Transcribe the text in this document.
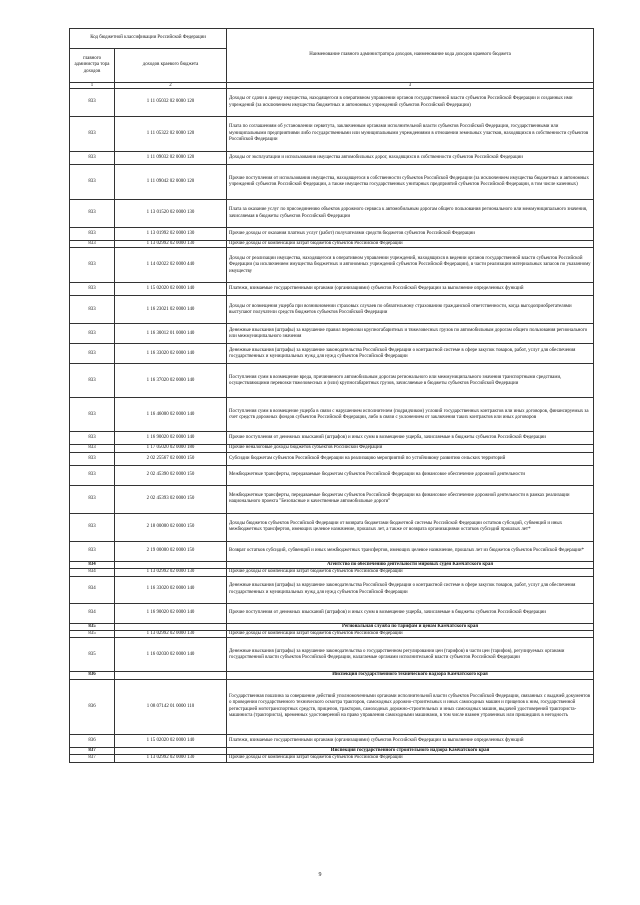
Код бюджетной классификации Российской Федерации		Наименование главного администратора доходов, наименование кода доходов краевого бюджета
главного администра тора доходов	доходов краевого бюджета	
1	2	3
833	1 11 05032 02 0000 120	Доходы от сдачи в аренду имущества, находящегося в оперативном управлении органов государственной власти субъектов Российской Федерации и созданных ими учреждений (за исключением имущества бюджетных и автономных учреждений субъектов Российской Федерации)
833	1 11 05322 02 0000 120	Плата по соглашениям об установлении сервитута, заключенным органами исполнительной власти субъектов Российской Федерации, государственными или муниципальными предприятиями либо государственными или муниципальными учреждениями в отношении земельных участков, находящихся в собственности субъектов Российской Федерации
833	1 11 09032 02 0000 120	Доходы от эксплуатации и использования имущества автомобильных дорог, находящихся в собственности субъектов Российской Федерации
833	1 11 09042 02 0000 120	Прочие поступления от использования имущества, находящегося в собственности субъектов Российской Федерации (за исключением имущества бюджетных и автономных учреждений субъектов Российской Федерации, а также имущества государственных унитарных предприятий субъектов Российской Федерации, в том числе казенных)
833	1 13 01520 02 0000 130	Плата за оказание услуг по присоединению объектов дорожного сервиса к автомобильным дорогам общего пользования регионального или межмуниципального значения, зачисляемая в бюджеты субъектов Российской Федерации
833	1 13 01992 02 0000 130	Прочие доходы от оказания платных услуг (работ) получателями средств бюджетов субъектов Российской Федерации
833	1 13 02992 02 0000 130	Прочие доходы от компенсации затрат бюджетов субъектов Российской Федерации
833	1 14 02022 02 0000 440	Доходы от реализации имущества, находящегося в оперативном управлении учреждений, находящихся в ведении органов государственной власти субъектов Российской Федерации (за исключением имущества бюджетных и автономных учреждений субъектов Российской Федерации), в части реализации материальных запасов по указанному имуществу
833	1 15 02020 02 0000 140	Платежи, взимаемые государственными органами (организациями) субъектов Российской Федерации за выполнение определенных функций
833	1 16 23021 02 0000 140	Доходы от возмещения ущерба при возникновении страховых случаев по обязательному страхованию гражданской ответственности, когда выгодоприобретателями выступают получатели средств бюджетов субъектов Российской Федерации
833	1 16 30012 01 0000 140	Денежные взыскания (штрафы) за нарушение правил перевозки крупногабаритных и тяжеловесных грузов по автомобильным дорогам общего пользования регионального или межмуниципального значения
833	1 16 33020 02 0000 140	Денежные взыскания (штрафы) за нарушение законодательства Российской Федерации о контрактной системе в сфере закупок товаров, работ, услуг для обеспечения государственных и муниципальных нужд для нужд субъектов Российской Федерации
833	1 16 37020 02 0000 140	Поступления сумм в возмещение вреда, причиняемого автомобильным дорогам регионального или межмуниципального значения транспортными средствами, осуществляющими перевозки тяжеловесных и (или) крупногабаритных грузов, зачисляемые в бюджеты субъектов Российской Федерации
833	1 16 46000 02 0000 140	Поступления сумм в возмещение ущерба в связи с нарушением исполнителем (подрядчиком) условий государственных контрактов или иных договоров, финансируемых за счет средств дорожных фондов субъектов Российской Федерации, либо в связи с уклонением от заключения таких контрактов или иных договоров
833	1 16 90020 02 0000 140	Прочие поступления от денежных взысканий (штрафов) и иных сумм в возмещение ущерба, зачисляемые в бюджеты субъектов Российской Федерации
833	1 17 05020 02 0000 180	Прочие неналоговые доходы бюджетов субъектов Российской Федерации
833	2 02 25567 02 0000 150	Субсидии бюджетам субъектов Российской Федерации на реализацию мероприятий по устойчивому развитию сельских территорий
833	2 02 45390 02 0000 150	Межбюджетные трансферты, передаваемые бюджетам субъектов Российской Федерации на финансовое обеспечение дорожной деятельности
833	2 02 45393 02 0000 150	Межбюджетные трансферты, передаваемые бюджетам субъектов Российской Федерации на финансовое обеспечение дорожной деятельности в рамках реализации национального проекта "Безопасные и качественные автомобильные дороги"
833	2 18 00000 02 0000 150	Доходы бюджетов субъектов Российской Федерации от возврата бюджетами бюджетной системы Российской Федерации остатков субсидий, субвенций и иных межбюджетных трансфертов, имеющих целевое назначение, прошлых лет, а также от возврата организациями остатков субсидий прошлых лет*
833	2 19 00000 02 0000 150	Возврат остатков субсидий, субвенций и иных межбюджетных трансфертов, имеющих целевое назначение, прошлых лет из бюджетов субъектов Российской Федерации*
834		Агентство по обеспечению деятельности мировых судей Камчатского края
834	1 13 02992 02 0000 130	Прочие доходы от компенсации затрат бюджетов субъектов Российской Федерации
834	1 16 33020 02 0000 140	Денежные взыскания (штрафы) за нарушение законодательства Российской Федерации о контрактной системе в сфере закупок товаров, работ, услуг для обеспечения государственных и муниципальных нужд для нужд субъектов Российской Федерации
834	1 16 90020 02 0000 140	Прочие поступления от денежных взысканий (штрафов) и иных сумм в возмещение ущерба, зачисляемые в бюджеты субъектов Российской Федерации
835		Региональная служба по тарифам и ценам Камчатского края
835	1 13 02992 02 0000 130	Прочие доходы от компенсации затрат бюджетов субъектов Российской Федерации
835	1 16 02030 02 0000 140	Денежные взыскания (штрафы) за нарушение законодательства о государственном регулировании цен (тарифов) в части цен (тарифов), регулируемых органами государственной власти субъектов Российской Федерации, налагаемые органами исполнительной власти субъектов Российской Федерации
836		Инспекция государственного технического надзора Камчатского края
836	1 08 07142 01 0000 110	Государственная пошлина за совершение действий уполномоченными органами исполнительной власти субъектов Российской Федерации, связанных с выдачей документов о проведении государственного технического осмотра тракторов, самоходных дорожно-строительных и иных самоходных машин и прицепов к ним, государственной регистрацией мототранспортных средств, прицепов, тракторов, самоходных дорожно-строительных и иных самоходных машин, выдачей удостоверений тракториста-машиниста (тракториста), временных удостоверений на право управления самоходными машинами, в том числе взамен утраченных или пришедших в негодность
836	1 15 02020 02 0000 140	Платежи, взимаемые государственными органами (организациями) субъектов Российской Федерации за выполнение определенных функций
837		Инспекция государственного строительного надзора Камчатского края
837	1 13 02992 02 0000 130	Прочие доходы от компенсации затрат бюджетов субъектов Российской Федерации
9
